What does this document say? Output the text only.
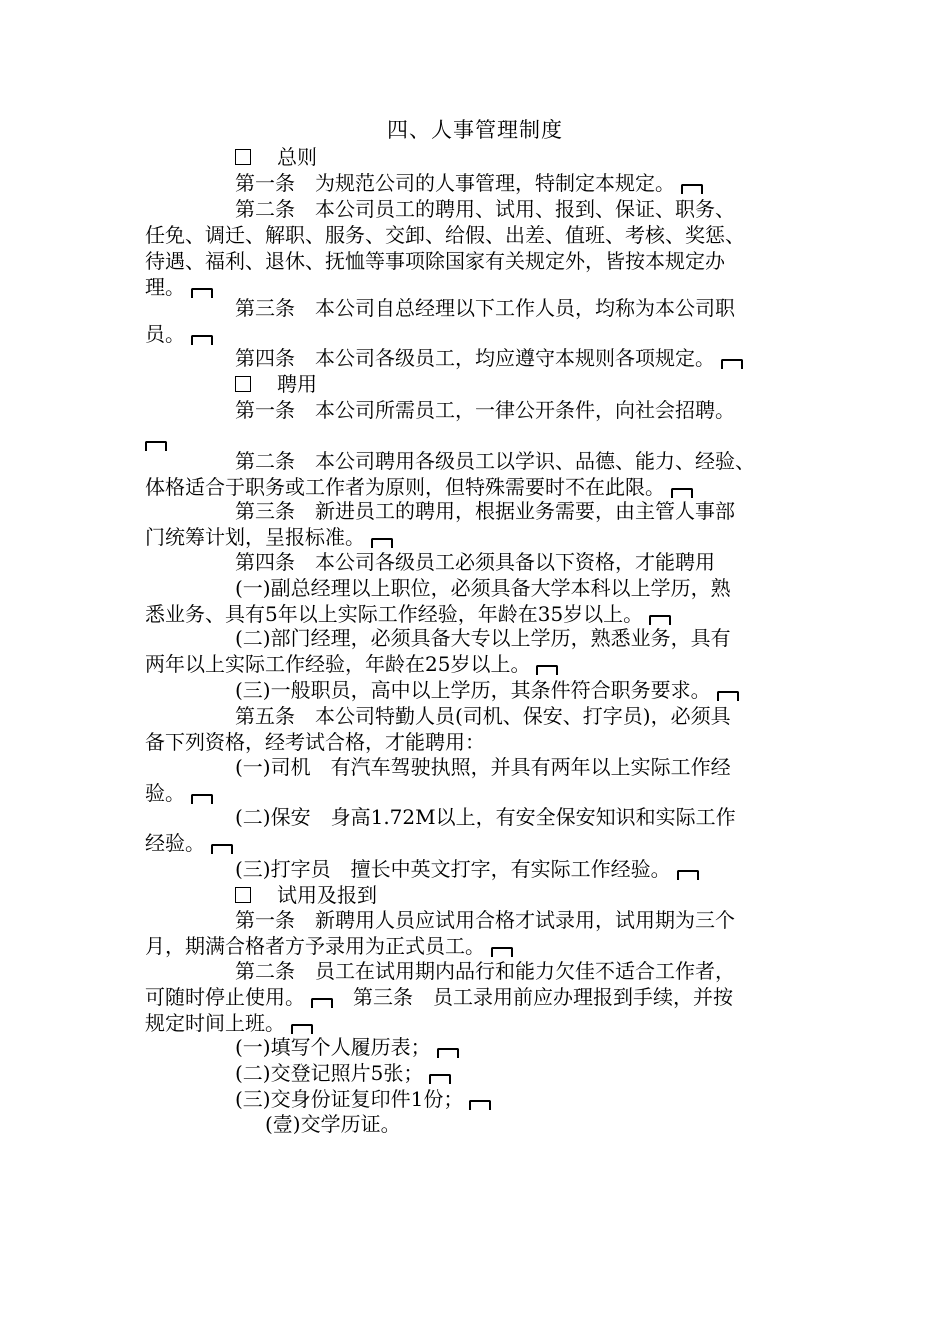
四、人事管理制度
总则
第一条　为规范公司的人事管理，特制定本规定。
第二条　本公司员工的聘用、试用、报到、保证、职务、
任免、调迁、解职、服务、交卸、给假、出差、值班、考核、奖惩、
待遇、福利、退休、抚恤等事项除国家有关规定外，皆按本规定办
理。
第三条　本公司自总经理以下工作人员，均称为本公司职
员。
第四条　本公司各级员工，均应遵守本规则各项规定。
聘用
第一条　本公司所需员工，一律公开条件，向社会招聘。
第二条　本公司聘用各级员工以学识、品德、能力、经验、
体格适合于职务或工作者为原则，但特殊需要时不在此限。
第三条　新进员工的聘用，根据业务需要，由主管人事部
门统筹计划，呈报标准。
第四条　本公司各级员工必须具备以下资格，才能聘用
(一)副总经理以上职位，必须具备大学本科以上学历，熟
悉业务、具有5年以上实际工作经验，年龄在35岁以上。
(二)部门经理，必须具备大专以上学历，熟悉业务，具有
两年以上实际工作经验，年龄在25岁以上。
(三)一般职员，高中以上学历，其条件符合职务要求。
第五条　本公司特勤人员(司机、保安、打字员)，必须具
备下列资格，经考试合格，才能聘用：
(一)司机　有汽车驾驶执照，并具有两年以上实际工作经
验。
(二)保安　身高1.72M以上，有安全保安知识和实际工作
经验。
(三)打字员　擅长中英文打字，有实际工作经验。
试用及报到
第一条　新聘用人员应试用合格才试录用，试用期为三个
月，期满合格者方予录用为正式员工。
第二条　员工在试用期内品行和能力欠佳不适合工作者，
可随时停止使用。　第三条　员工录用前应办理报到手续，并按
规定时间上班。
(一)填写个人履历表；
(二)交登记照片5张；
(三)交身份证复印件1份；
(壹)交学历证。
